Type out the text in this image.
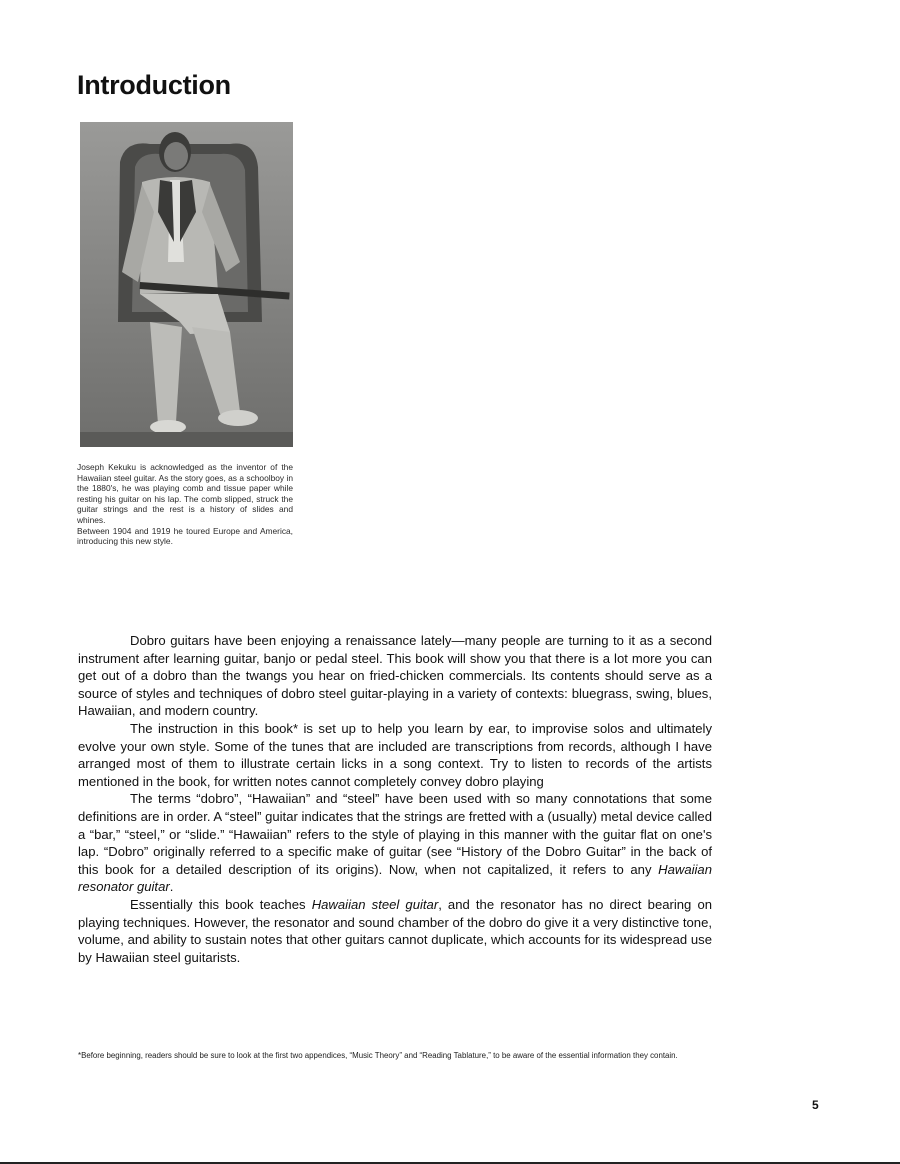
Introduction

Joseph Kekuku is acknowledged as the inventor of the Hawaiian steel guitar. As the story goes, as a schoolboy in the 1880's, he was playing comb and tissue paper while resting his guitar on his lap. The comb slipped, struck the guitar strings and the rest is a history of slides and whines.

Between 1904 and 1919 he toured Europe and America, introducing this new style.

Dobro guitars have been enjoying a renaissance lately—many people are turning to it as a second instrument after learning guitar, banjo or pedal steel. This book will show you that there is a lot more you can get out of a dobro than the twangs you hear on fried-chicken commercials. Its contents should serve as a source of styles and techniques of dobro steel guitar-playing in a variety of contexts: bluegrass, swing, blues, Hawaiian, and modern country.

The instruction in this book* is set up to help you learn by ear, to improvise solos and ultimately evolve your own style. Some of the tunes that are included are transcriptions from records, although I have arranged most of them to illustrate certain licks in a song context. Try to listen to records of the artists mentioned in the book, for written notes cannot completely convey dobro playing

The terms “dobro”, “Hawaiian” and “steel” have been used with so many connotations that some definitions are in order. A “steel” guitar indicates that the strings are fretted with a (usually) metal device called a “bar,” “steel,” or “slide.” “Hawaiian” refers to the style of playing in this manner with the guitar flat on one's lap. “Dobro” originally referred to a specific make of guitar (see “History of the Dobro Guitar” in the back of this book for a detailed description of its origins). Now, when not capitalized, it refers to any Hawaiian resonator guitar.

Essentially this book teaches Hawaiian steel guitar, and the resonator has no direct bearing on playing techniques. However, the resonator and sound chamber of the dobro do give it a very distinctive tone, volume, and ability to sustain notes that other guitars cannot duplicate, which accounts for its widespread use by Hawaiian steel guitarists.

*Before beginning, readers should be sure to look at the first two appendices, “Music Theory” and “Reading Tablature,” to be aware of the essential information they contain.
5
